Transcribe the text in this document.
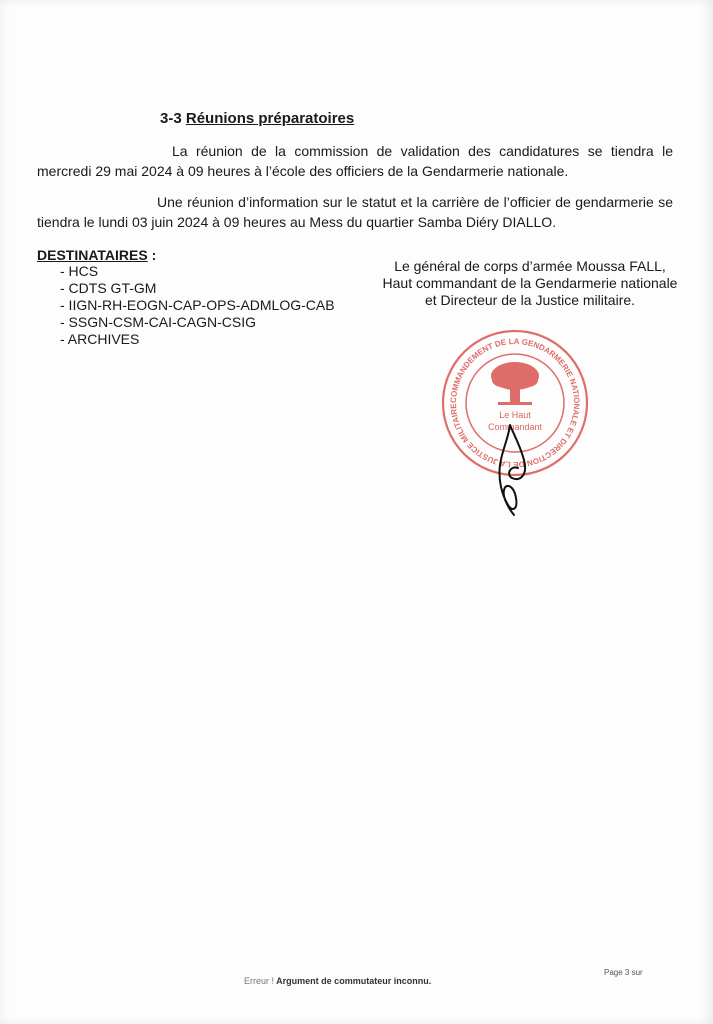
3-3 Réunions préparatoires
La réunion de la commission de validation des candidatures se tiendra le mercredi 29 mai 2024 à 09 heures à l’école des officiers de la Gendarmerie nationale.
Une réunion d’information sur le statut et la carrière de l’officier de gendarmerie se tiendra le lundi 03 juin 2024 à 09 heures au Mess du quartier Samba Diéry DIALLO.
DESTINATAIRES :
- HCS
- CDTS GT-GM
- IIGN-RH-EOGN-CAP-OPS-ADMLOG-CAB
- SSGN-CSM-CAI-CAGN-CSIG
- ARCHIVES
Le général de corps d’armée Moussa FALL,
Haut commandant de la Gendarmerie nationale
et Directeur de la Justice militaire.
COMMANDEMENT DE LA GENDARMERIE NATIONALE ET DIRECTION DE LA JUSTICE MILITAIRE
Le Haut
Commandant
Erreur ! Argument de commutateur inconnu.
Page 3 sur
